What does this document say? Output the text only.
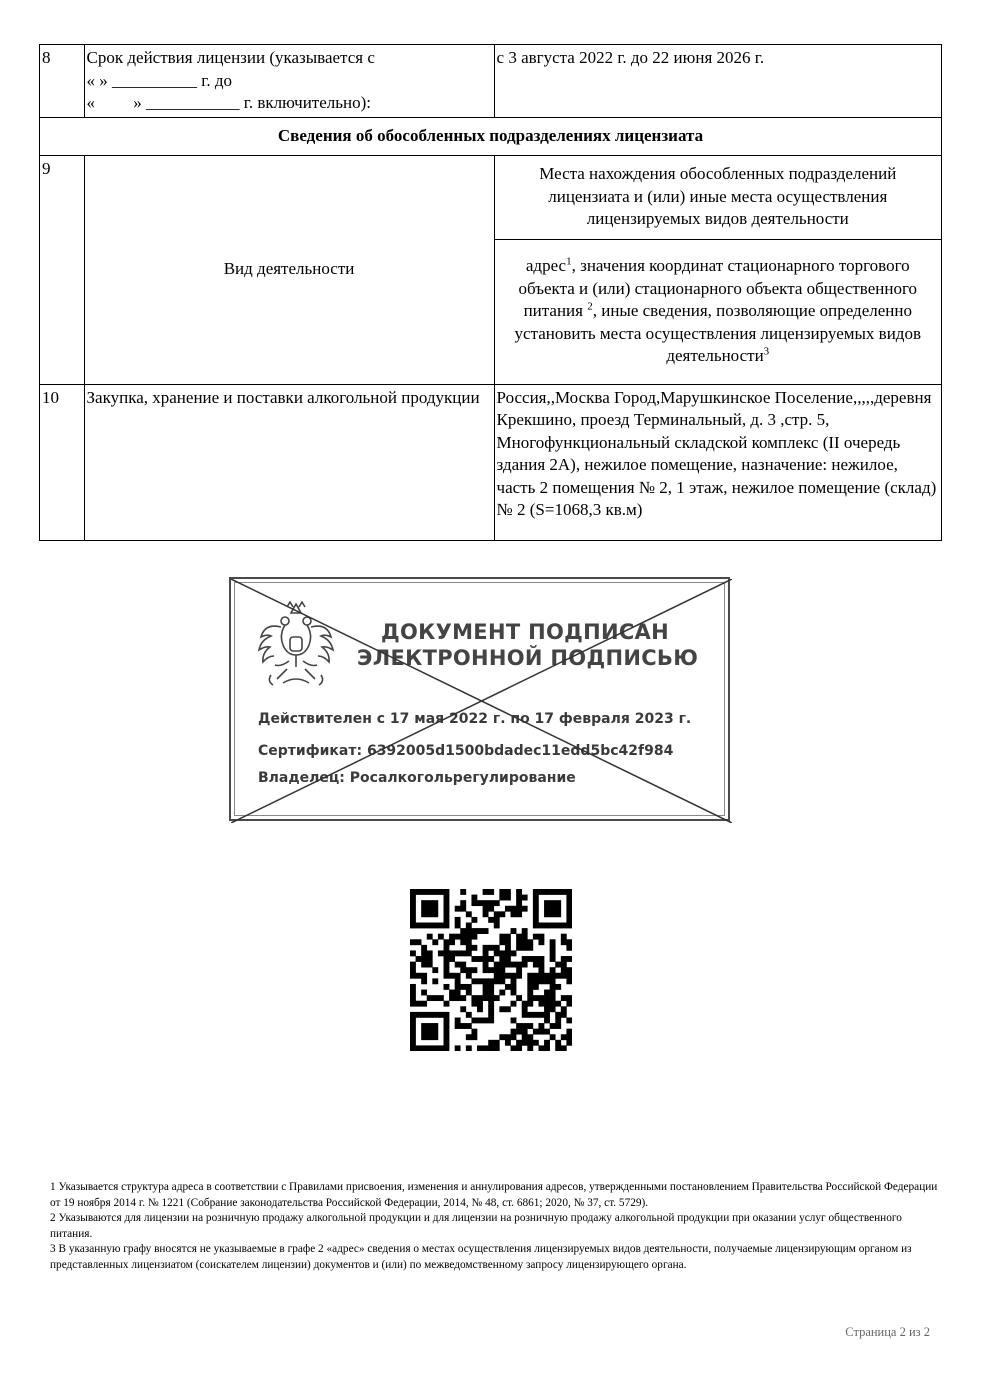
8	Срок действия лицензии (указывается с
« » __________ г. до
«         » ___________ г. включительно):	с 3 августа 2022 г. до 22 июня 2026 г.
Сведения об обособленных подразделениях лицензиата		
9	Вид деятельности	Места нахождения обособленных подразделений лицензиата и (или) иные места осуществления лицензируемых видов деятельности
		адрес$^1$, значения координат стационарного торгового объекта и (или) стационарного объекта общественного питания $^2$, иные сведения, позволяющие определенно установить места осуществления лицензируемых видов деятельности$^3$
10	Закупка, хранение и поставки алкогольной продукции	Россия,,Москва Город,Марушкинское Поселение,,,,,деревня Крекшино, проезд Терминальный, д. 3 ,стр. 5, Многофункциональный складской комплекс (II очередь здания 2А), нежилое помещение, назначение: нежилое, часть 2 помещения № 2, 1 этаж, нежилое помещение (склад) № 2 (S=1068,3 кв.м)
ДОКУМЕНТ ПОДПИСАН
ЭЛЕКТРОННОЙ ПОДПИСЬЮ
Действителен с 17 мая 2022 г. по 17 февраля 2023 г.
Сертификат: 6392005d1500bdadec11edd5bc42f984
Владелец: Росалкогольрегулирование
1 Указывается структура адреса в соответствии с Правилами присвоения, изменения и аннулирования адресов, утвержденными постановлением Правительства Российской Федерации от 19 ноября 2014 г. № 1221 (Собрание законодательства Российской Федерации, 2014, № 48, ст. 6861; 2020, № 37, ст. 5729).
2 Указываются для лицензии на розничную продажу алкогольной продукции и для лицензии на розничную продажу алкогольной продукции при оказании услуг общественного питания.
3 В указанную графу вносятся не указываемые в графе 2 «адрес» сведения о местах осуществления лицензируемых видов деятельности, получаемые лицензирующим органом из представленных лицензиатом (соискателем лицензии) документов и (или) по межведомственному запросу лицензирующего органа.
Страница 2 из 2
